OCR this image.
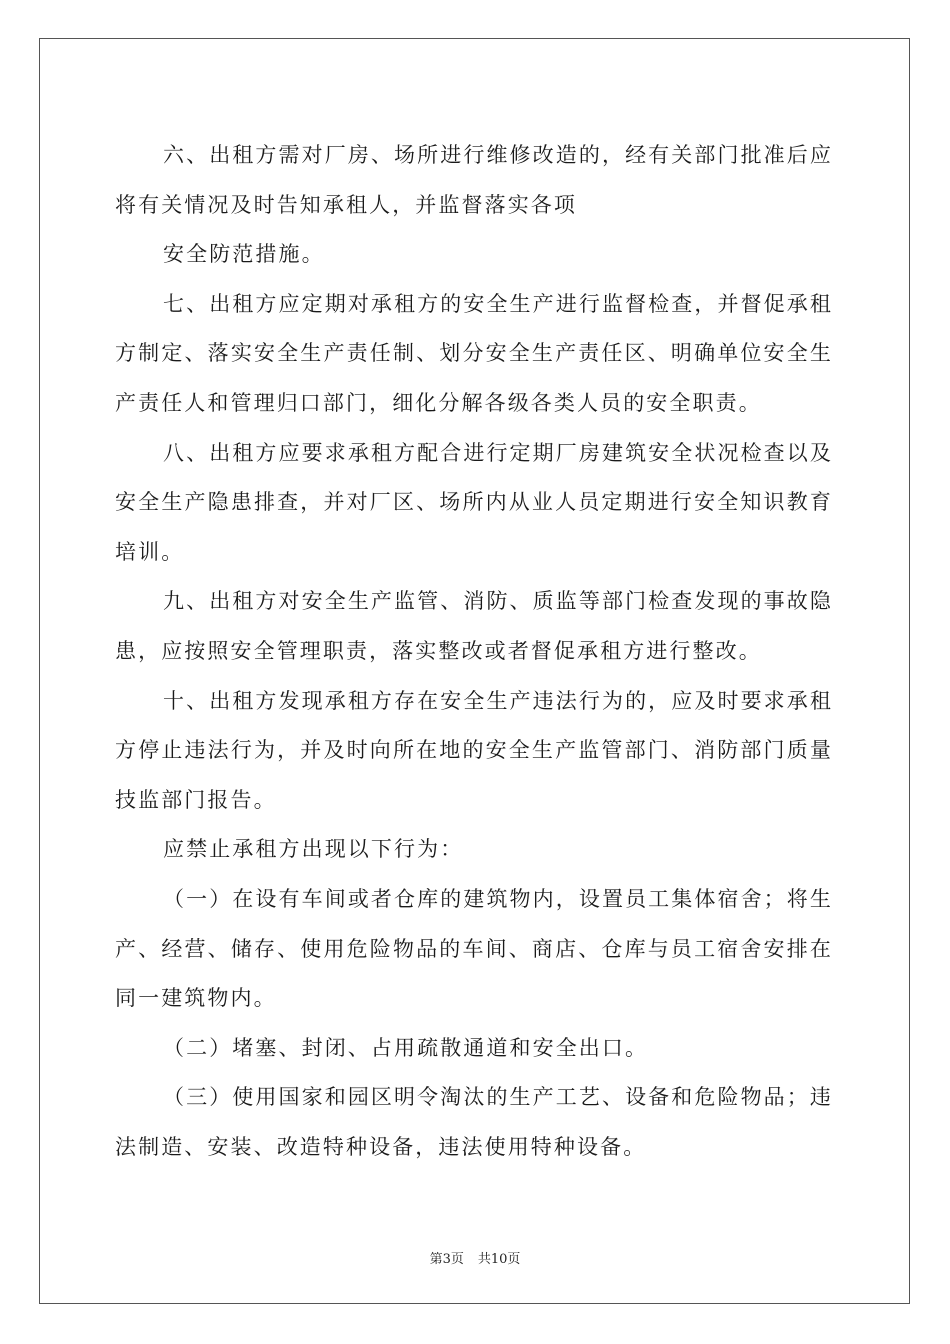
六、出租方需对厂房、场所进行维修改造的，经有关部门批准后应将有关情况及时告知承租人，并监督落实各项

安全防范措施。

七、出租方应定期对承租方的安全生产进行监督检查，并督促承租方制定、落实安全生产责任制、划分安全生产责任区、明确单位安全生产责任人和管理归口部门，细化分解各级各类人员的安全职责。

八、出租方应要求承租方配合进行定期厂房建筑安全状况检查以及安全生产隐患排查，并对厂区、场所内从业人员定期进行安全知识教育培训。

九、出租方对安全生产监管、消防、质监等部门检查发现的事故隐患，应按照安全管理职责，落实整改或者督促承租方进行整改。

十、出租方发现承租方存在安全生产违法行为的，应及时要求承租方停止违法行为，并及时向所在地的安全生产监管部门、消防部门质量技监部门报告。

应禁止承租方出现以下行为：

（一）在设有车间或者仓库的建筑物内，设置员工集体宿舍；将生产、经营、储存、使用危险物品的车间、商店、仓库与员工宿舍安排在同一建筑物内。

（二）堵塞、封闭、占用疏散通道和安全出口。

（三）使用国家和园区明令淘汰的生产工艺、设备和危险物品；违法制造、安装、改造特种设备，违法使用特种设备。

第3页 共10页
